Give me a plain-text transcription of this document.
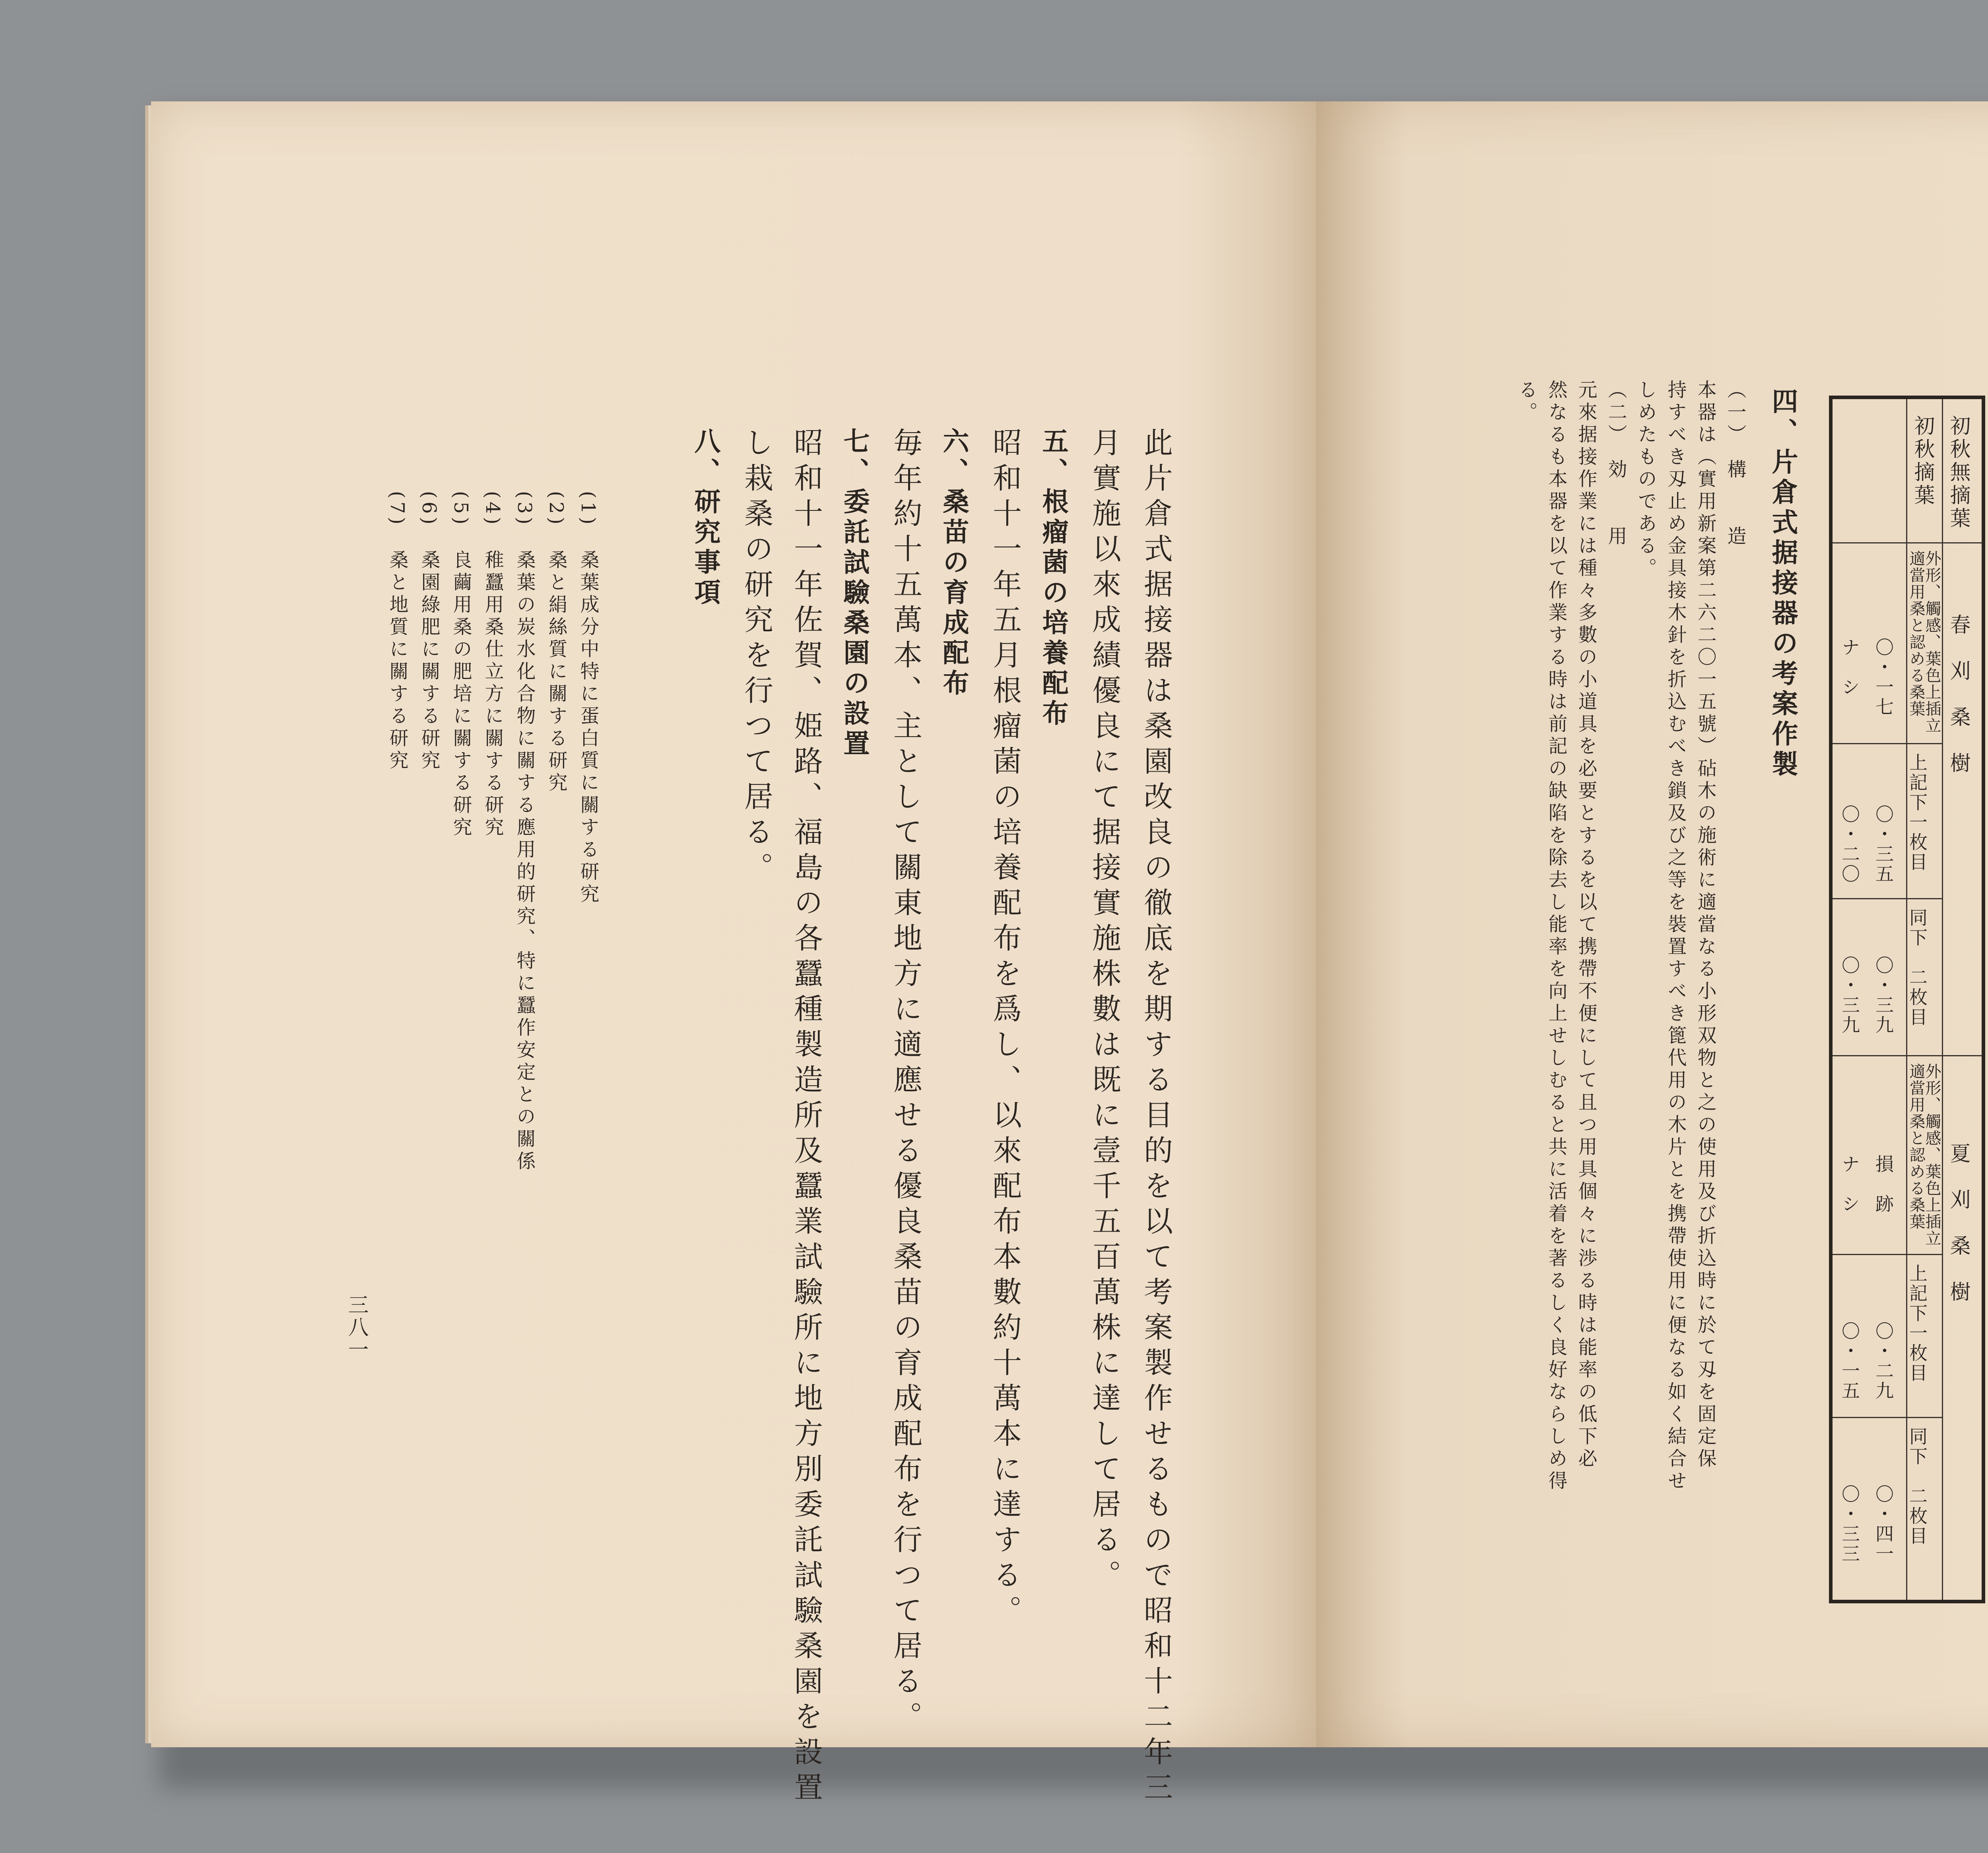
此片倉式据接器は桑園改良の徹底を期する目的を以て考案製作せるもので昭和十二年三
月實施以來成績優良にて据接實施株數は既に壹千五百萬株に達して居る。
五、根瘤菌の培養配布
昭和十一年五月根瘤菌の培養配布を爲し、以來配布本數約十萬本に達する。
六、桑苗の育成配布
毎年約十五萬本、主として關東地方に適應せる優良桑苗の育成配布を行つて居る。
七、委託試驗桑園の設置
昭和十一年佐賀、姫路、福島の各蠶種製造所及蠶業試驗所に地方別委託試驗桑園を設置
し栽桑の研究を行つて居る。
八、研究事項
(1)　桑葉成分中特に蛋白質に關する研究
(2)　桑と絹絲質に關する研究
(3)　桑葉の炭水化合物に關する應用的研究、特に蠶作安定との關係
(4)　稚蠶用桑仕立方に關する研究
(5)　良繭用桑の肥培に關する研究
(6)　桑園綠肥に關する研究
(7)　桑と地質に關する研究
三八一
初秋無摘葉
初秋摘葉
春　刈　桑　樹
夏　刈　桑　樹
外形、觸感、葉色上插立適當用桑と認める桑葉
上記下一枚目
同下　二枚目
外形、觸感、葉色上插立適當用桑と認める桑葉
上記下一枚目
同下　二枚目
〇・一七
ナ　シ
〇・三五
〇・二〇
〇・三九
〇・三九
損　跡
ナ　シ
〇・二九
〇・一五
〇・四一
〇・三三
四、片倉式据接器の考案作製
（一）　構　　造
本器は（實用新案第二六二〇一五號）砧木の施術に適當なる小形双物と之の使用及び折込時に於て刄を固定保
持すべき刄止め金具接木針を折込むべき鎖及び之等を裝置すべき篦代用の木片とを携帶使用に便なる如く結合せ
しめたものである。
（二）　効　　用
元來据接作業には種々多數の小道具を必要とするを以て携帶不便にして且つ用具個々に渉る時は能率の低下必
然なるも本器を以て作業する時は前記の缺陷を除去し能率を向上せしむると共に活着を著るしく良好ならしめ得
る。
